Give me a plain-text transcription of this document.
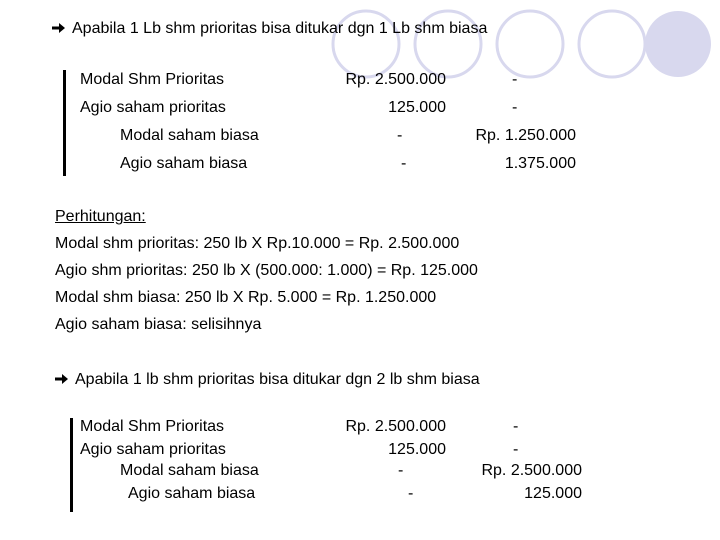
Apabila 1 Lb shm prioritas bisa ditukar dgn 1 Lb shm biasa
Modal Shm Prioritas
Agio saham prioritas
Modal saham biasa
Agio saham biasa
Rp. 2.500.000
125.000
-
-
-
-
Rp. 1.250.000
1.375.000
Perhitungan:
Modal shm prioritas: 250 lb X Rp.10.000 = Rp. 2.500.000
Agio shm prioritas: 250 lb X (500.000: 1.000) = Rp. 125.000
Modal shm biasa: 250 lb X Rp. 5.000 = Rp. 1.250.000
Agio saham biasa: selisihnya
Apabila 1 lb shm prioritas bisa ditukar dgn 2 lb shm biasa
Modal Shm Prioritas
Agio saham prioritas
Modal saham biasa
Agio saham biasa
Rp. 2.500.000
125.000
-
-
-
-
Rp. 2.500.000
125.000
